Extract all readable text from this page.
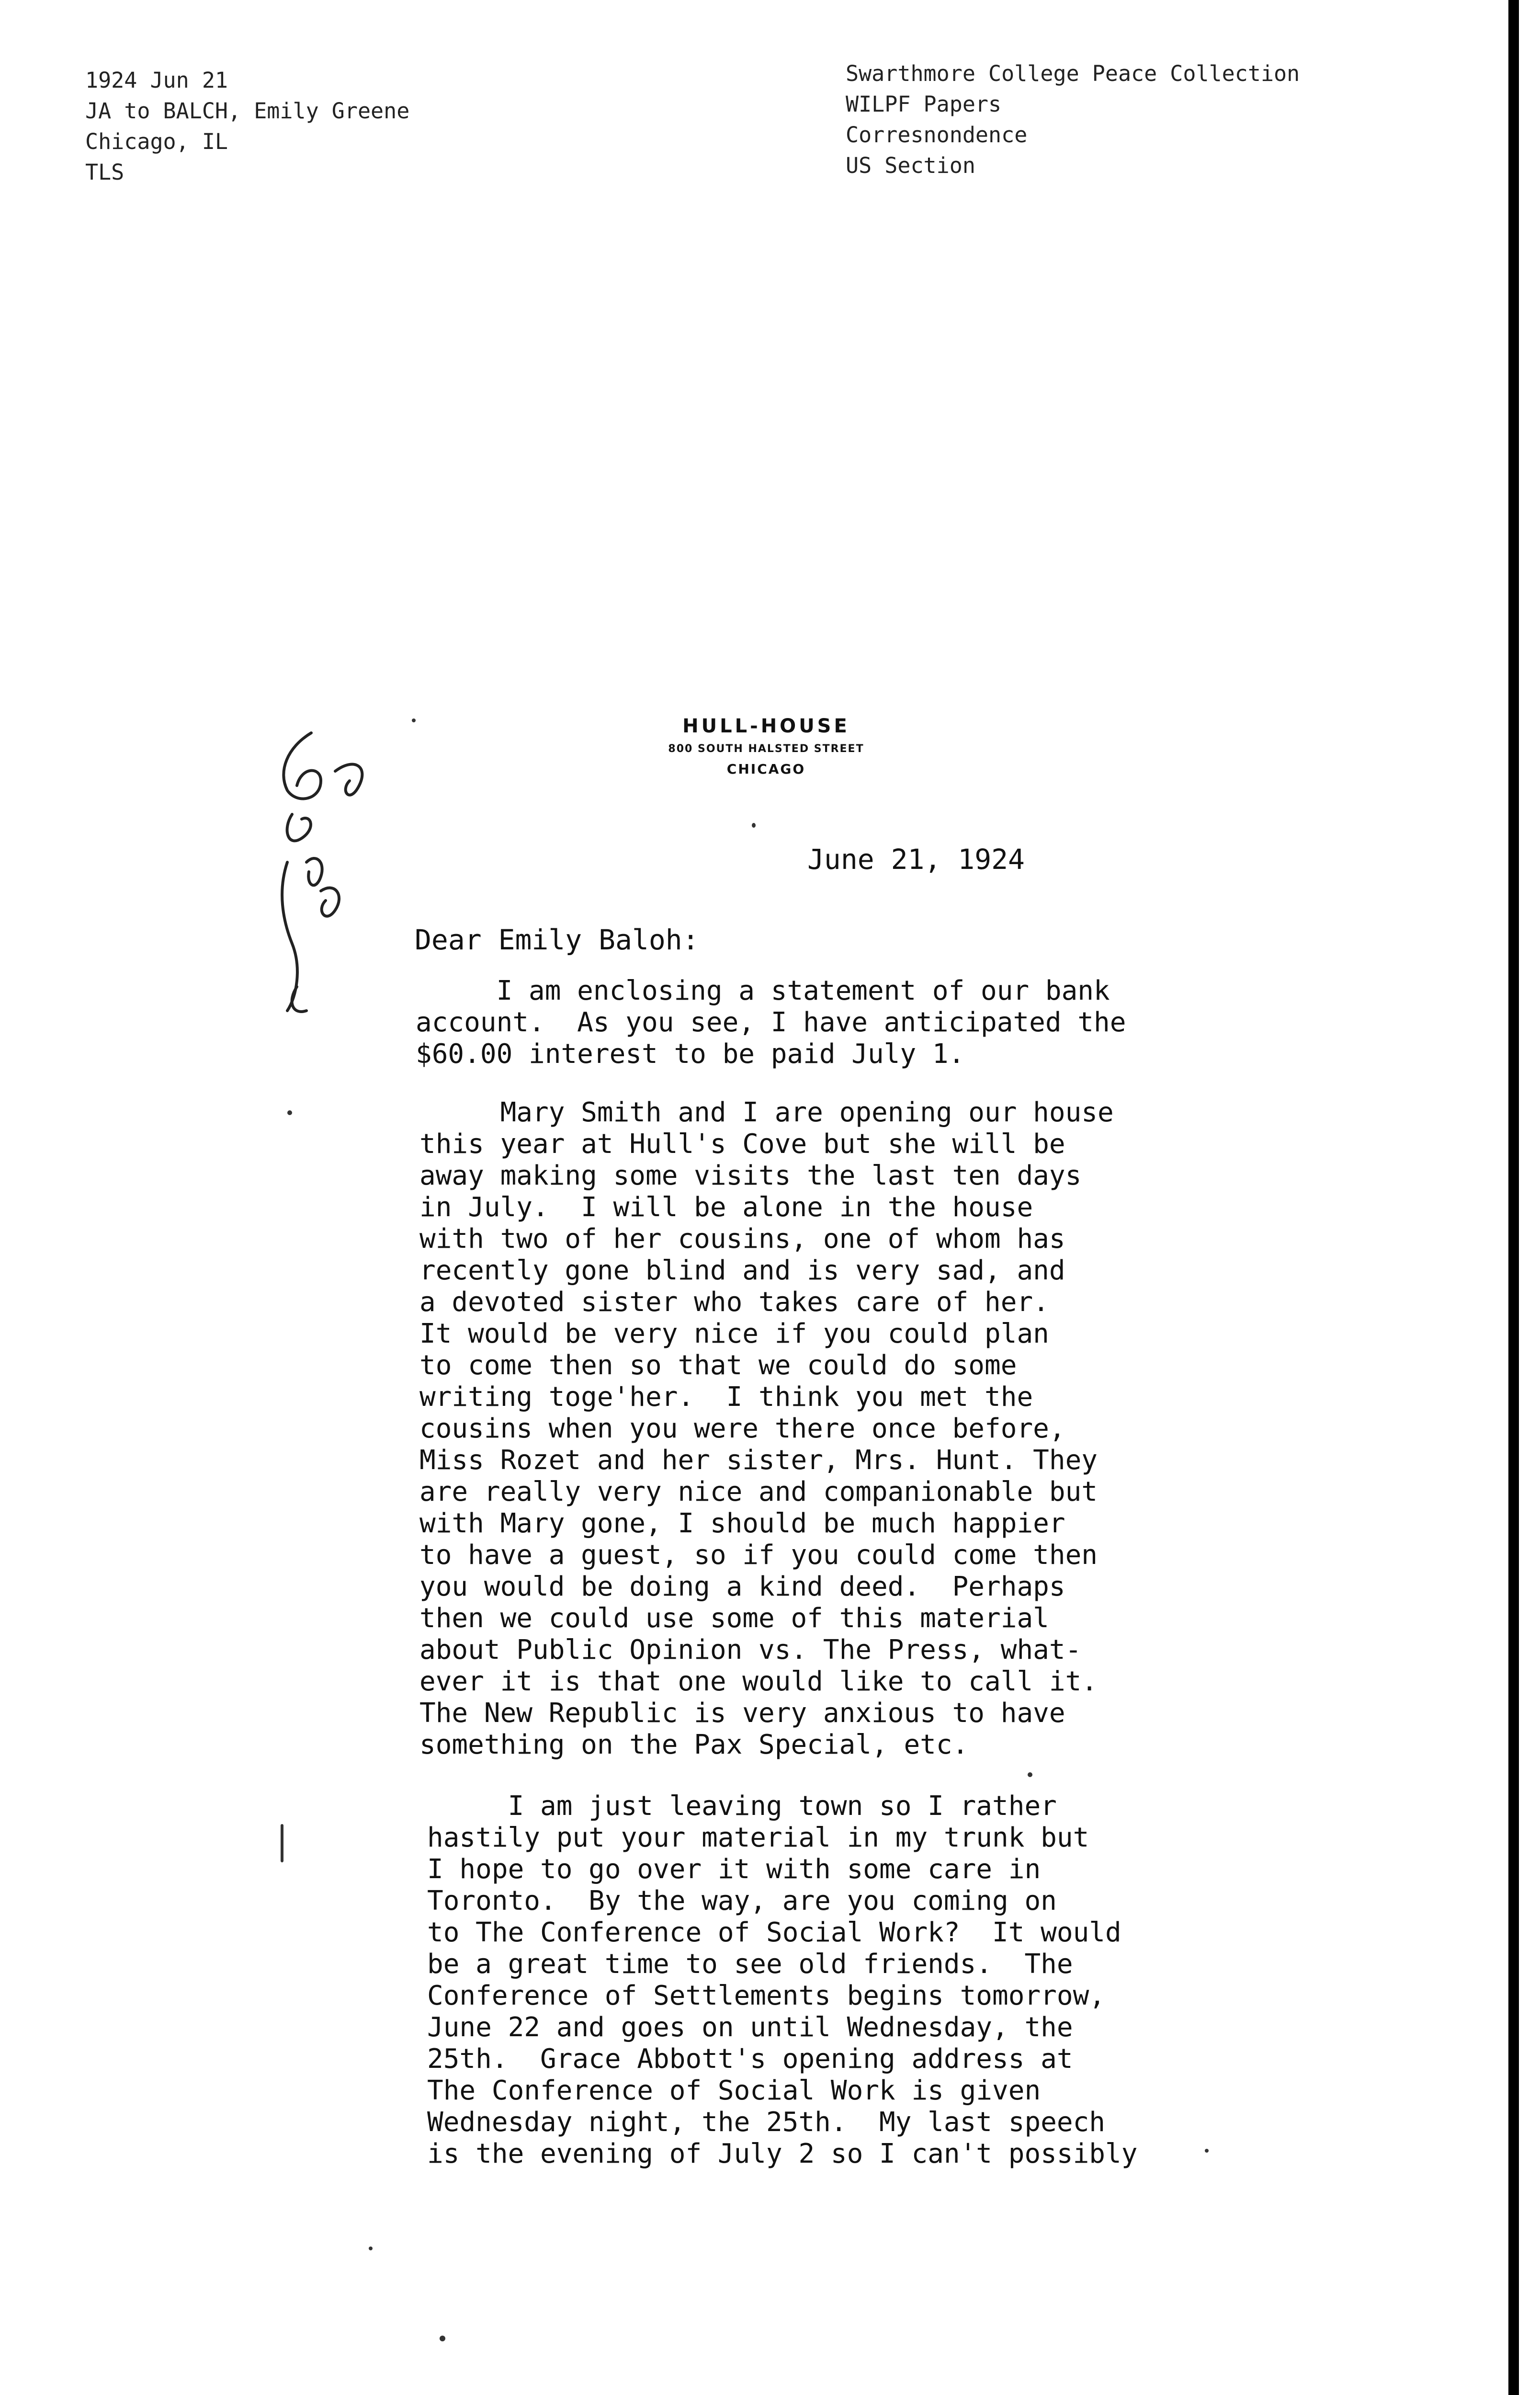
1924 Jun 21
JA to BALCH, Emily Greene
Chicago, IL
TLS
Swarthmore College Peace Collection
WILPF Papers
Corresnondence
US Section
HULL-HOUSE
800 SOUTH HALSTED STREET
CHICAGO
June 21, 1924
Dear Emily Baloh:
I am enclosing a statement of our bank
account.  As you see, I have anticipated the
$60.00 interest to be paid July 1.
Mary Smith and I are opening our house
this year at Hull's Cove but she will be
away making some visits the last ten days
in July.  I will be alone in the house
with two of her cousins, one of whom has
recently gone blind and is very sad, and
a devoted sister who takes care of her.
It would be very nice if you could plan
to come then so that we could do some
writing toge'her.  I think you met the
cousins when you were there once before,
Miss Rozet and her sister, Mrs. Hunt. They
are really very nice and companionable but
with Mary gone, I should be much happier
to have a guest, so if you could come then
you would be doing a kind deed.  Perhaps
then we could use some of this material
about Public Opinion vs. The Press, what-
ever it is that one would like to call it.
The New Republic is very anxious to have
something on the Pax Special, etc.
I am just leaving town so I rather
hastily put your material in my trunk but
I hope to go over it with some care in
Toronto.  By the way, are you coming on
to The Conference of Social Work?  It would
be a great time to see old friends.  The
Conference of Settlements begins tomorrow,
June 22 and goes on until Wednesday, the
25th.  Grace Abbott's opening address at
The Conference of Social Work is given
Wednesday night, the 25th.  My last speech
is the evening of July 2 so I can't possibly
